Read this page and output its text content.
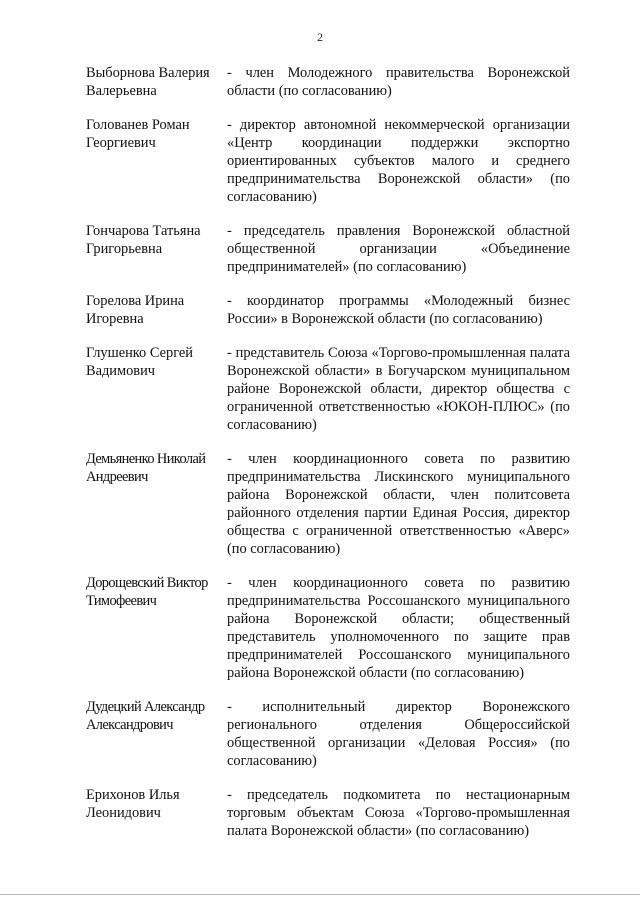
2
Выборнова Валерия Валерьевна
- член Молодежного правительства Воронежской области (по согласованию)
Голованев Роман Георгиевич
- директор автономной некоммерческой организации «Центр координации поддержки экспортно ориентированных субъектов малого и среднего предпринимательства Воронежской области» (по согласованию)
Гончарова Татьяна Григорьевна
- председатель правления Воронежской областной общественной организации «Объединение предпринимателей» (по согласованию)
Горелова Ирина Игоревна
- координатор программы «Молодежный бизнес России» в Воронежской области (по согласованию)
Глушенко Сергей Вадимович
- представитель Союза «Торгово-промышленная палата Воронежской области» в Богучарском муниципальном районе Воронежской области, директор общества с ограниченной ответственностью «ЮКОН-ПЛЮС» (по согласованию)
Демьяненко Николай Андреевич
- член координационного совета по развитию предпринимательства Лискинского муниципального района Воронежской области, член политсовета районного отделения партии Единая Россия, директор общества с ограниченной ответственностью «Аверс» (по согласованию)
Дорощевский Виктор Тимофеевич
- член координационного совета по развитию предпринимательства Россошанского муниципального района Воронежской области; общественный представитель уполномоченного по защите прав предпринимателей Россошанского муниципального района Воронежской области (по согласованию)
Дудецкий Александр Александрович
- исполнительный директор Воронежского регионального отделения Общероссийской общественной организации «Деловая Россия» (по согласованию)
Ерихонов Илья Леонидович
- председатель подкомитета по нестационарным торговым объектам Союза «Торгово-промышленная палата Воронежской области» (по согласованию)
